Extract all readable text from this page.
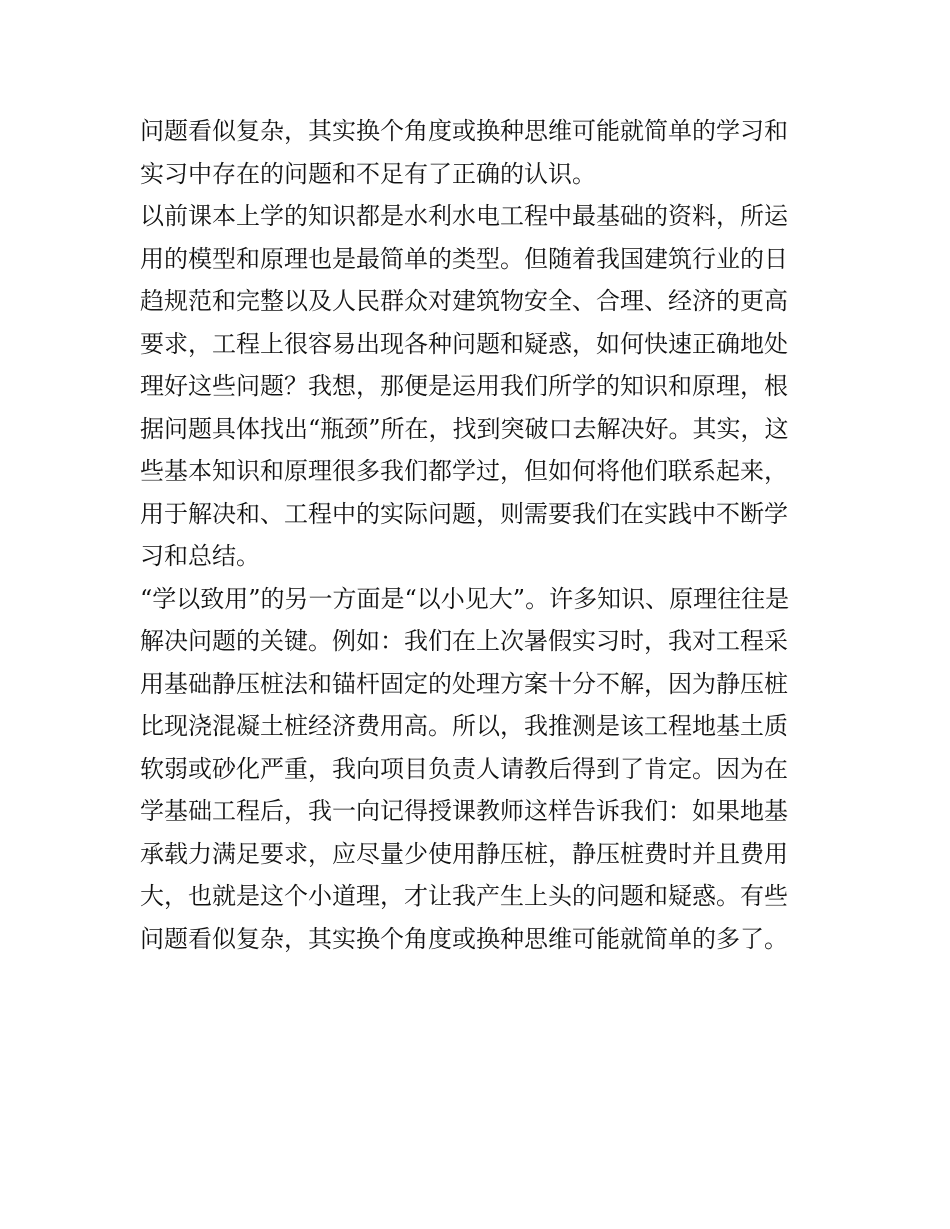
问题看似复杂，其实换个角度或换种思维可能就简单的学习和
实习中存在的问题和不足有了正确的认识。
以前课本上学的知识都是水利水电工程中最基础的资料，所运
用的模型和原理也是最简单的类型。但随着我国建筑行业的日
趋规范和完整以及人民群众对建筑物安全、合理、经济的更高
要求，工程上很容易出现各种问题和疑惑，如何快速正确地处
理好这些问题？我想，那便是运用我们所学的知识和原理，根
据问题具体找出“瓶颈”所在，找到突破口去解决好。其实，这
些基本知识和原理很多我们都学过，但如何将他们联系起来，
用于解决和、工程中的实际问题，则需要我们在实践中不断学
习和总结。
“学以致用”的另一方面是“以小见大”。许多知识、原理往往是
解决问题的关键。例如：我们在上次暑假实习时，我对工程采
用基础静压桩法和锚杆固定的处理方案十分不解，因为静压桩
比现浇混凝土桩经济费用高。所以，我推测是该工程地基土质
软弱或砂化严重，我向项目负责人请教后得到了肯定。因为在
学基础工程后，我一向记得授课教师这样告诉我们：如果地基
承载力满足要求，应尽量少使用静压桩，静压桩费时并且费用
大，也就是这个小道理，才让我产生上头的问题和疑惑。有些
问题看似复杂，其实换个角度或换种思维可能就简单的多了。
